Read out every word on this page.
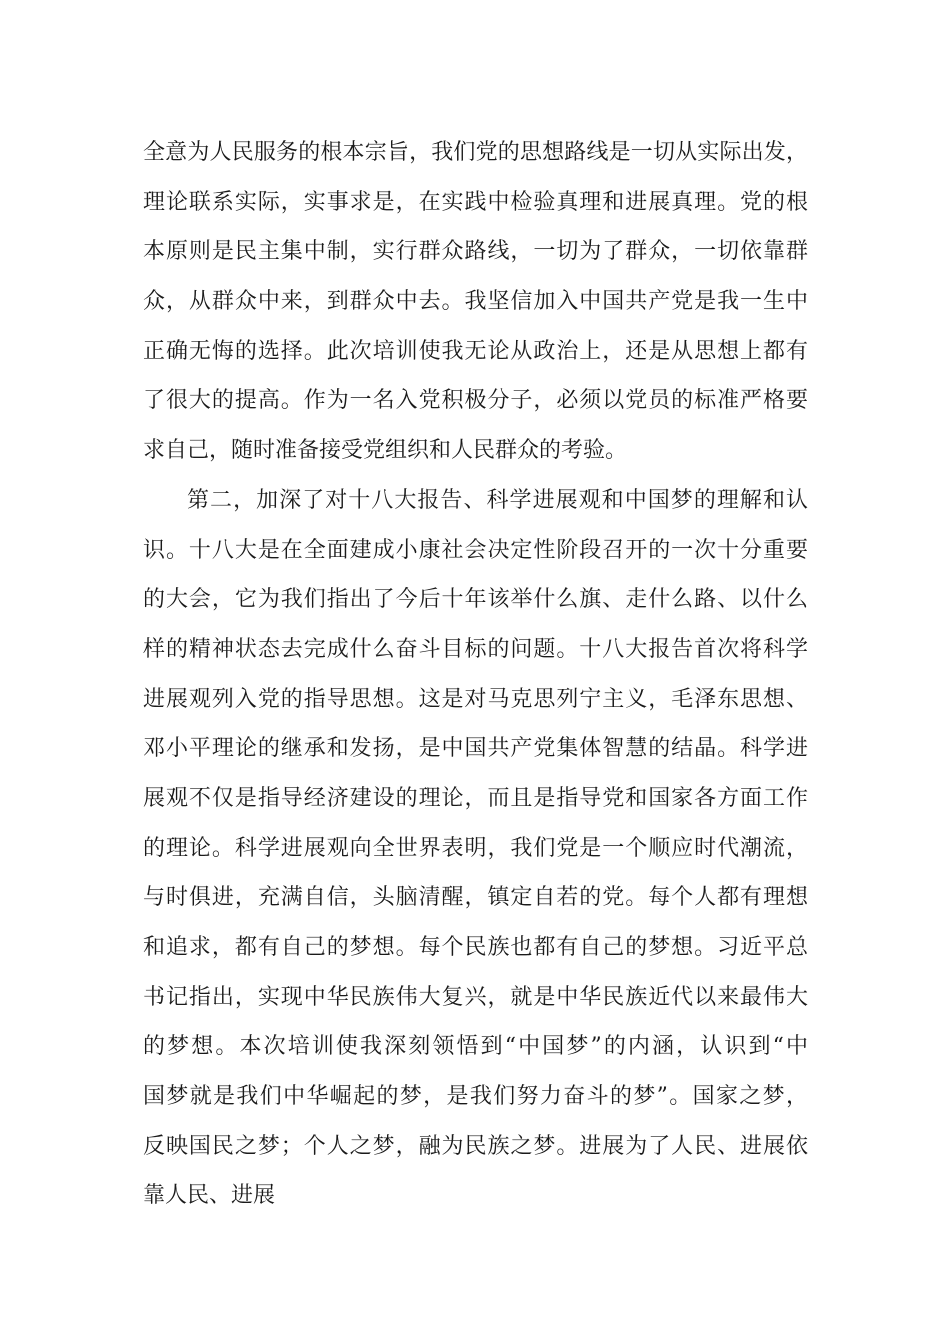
全意为人民服务的根本宗旨，我们党的思想路线是一切从实际出发，
理论联系实际，实事求是，在实践中检验真理和进展真理。党的根
本原则是民主集中制，实行群众路线，一切为了群众，一切依靠群
众，从群众中来，到群众中去。我坚信加入中国共产党是我一生中
正确无悔的选择。此次培训使我无论从政治上，还是从思想上都有
了很大的提高。作为一名入党积极分子，必须以党员的标准严格要
求自己，随时准备接受党组织和人民群众的考验。
第二，加深了对十八大报告、科学进展观和中国梦的理解和认
识。十八大是在全面建成小康社会决定性阶段召开的一次十分重要
的大会，它为我们指出了今后十年该举什么旗、走什么路、以什么
样的精神状态去完成什么奋斗目标的问题。十八大报告首次将科学
进展观列入党的指导思想。这是对马克思列宁主义，毛泽东思想、
邓小平理论的继承和发扬，是中国共产党集体智慧的结晶。科学进
展观不仅是指导经济建设的理论，而且是指导党和国家各方面工作
的理论。科学进展观向全世界表明，我们党是一个顺应时代潮流，
与时俱进，充满自信，头脑清醒，镇定自若的党。每个人都有理想
和追求，都有自己的梦想。每个民族也都有自己的梦想。习近平总
书记指出，实现中华民族伟大复兴，就是中华民族近代以来最伟大
的梦想。本次培训使我深刻领悟到“中国梦”的内涵，认识到“中
国梦就是我们中华崛起的梦，是我们努力奋斗的梦”。国家之梦，
反映国民之梦；个人之梦，融为民族之梦。进展为了人民、进展依
靠人民、进展
